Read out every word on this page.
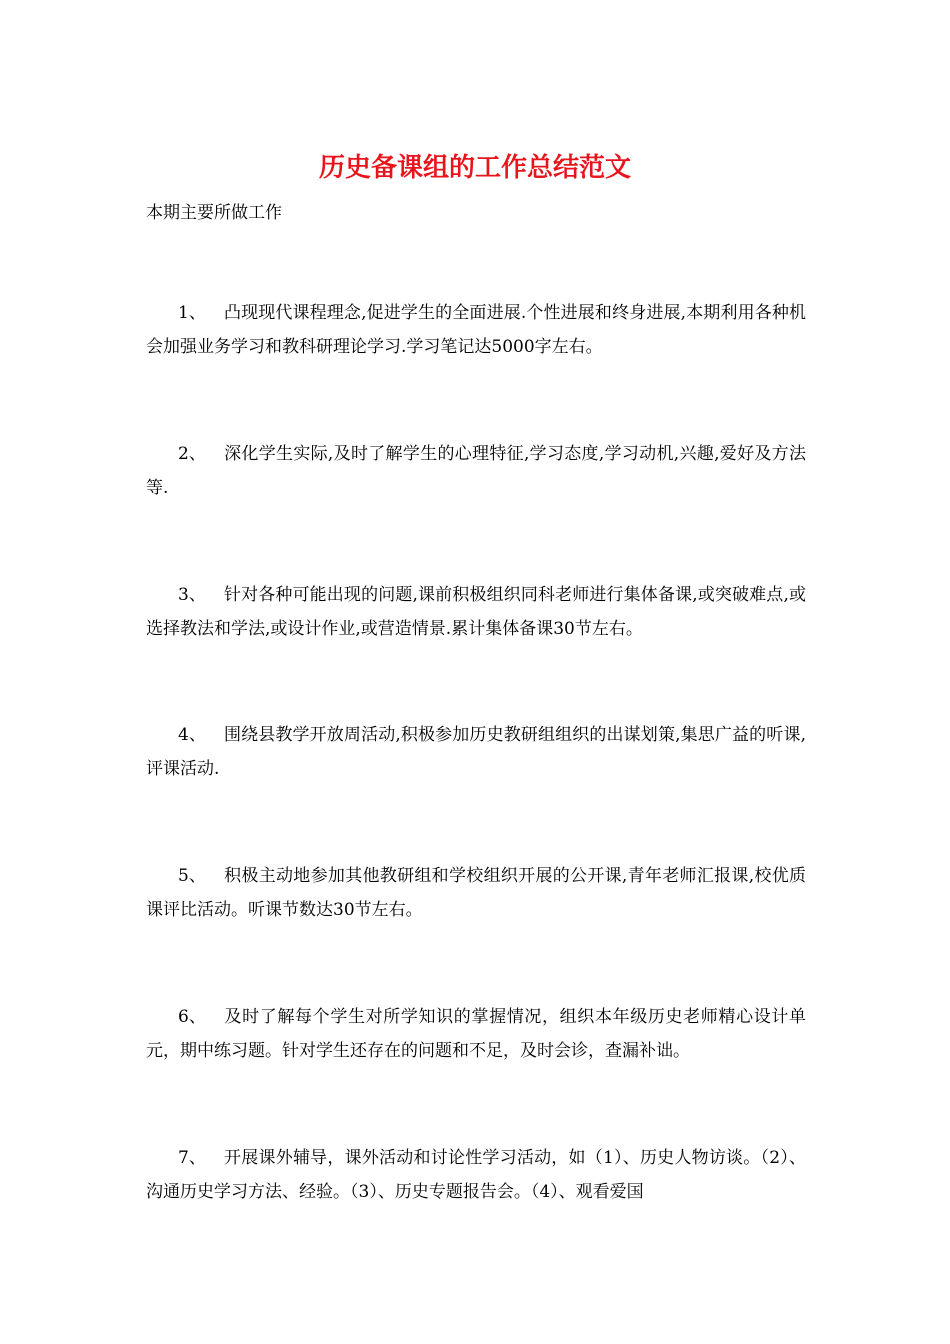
历史备课组的工作总结范文

本期主要所做工作

1、 凸现现代课程理念,促进学生的全面进展.个性进展和终身进展,本期利用各种机会加强业务学习和教科研理论学习.学习笔记达5000字左右。

2、 深化学生实际,及时了解学生的心理特征,学习态度,学习动机,兴趣,爱好及方法等.

3、 针对各种可能出现的问题,课前积极组织同科老师进行集体备课,或突破难点,或选择教法和学法,或设计作业,或营造情景.累计集体备课30节左右。

4、 围绕县教学开放周活动,积极参加历史教研组组织的出谋划策,集思广益的听课,评课活动.

5、 积极主动地参加其他教研组和学校组织开展的公开课,青年老师汇报课,校优质课评比活动。听课节数达30节左右。

6、 及时了解每个学生对所学知识的掌握情况，组织本年级历史老师精心设计单元，期中练习题。针对学生还存在的问题和不足，及时会诊，查漏补诎。

7、 开展课外辅导，课外活动和讨论性学习活动，如（1）、历史人物访谈。（2）、沟通历史学习方法、经验。（3）、历史专题报告会。（4）、观看爱国
